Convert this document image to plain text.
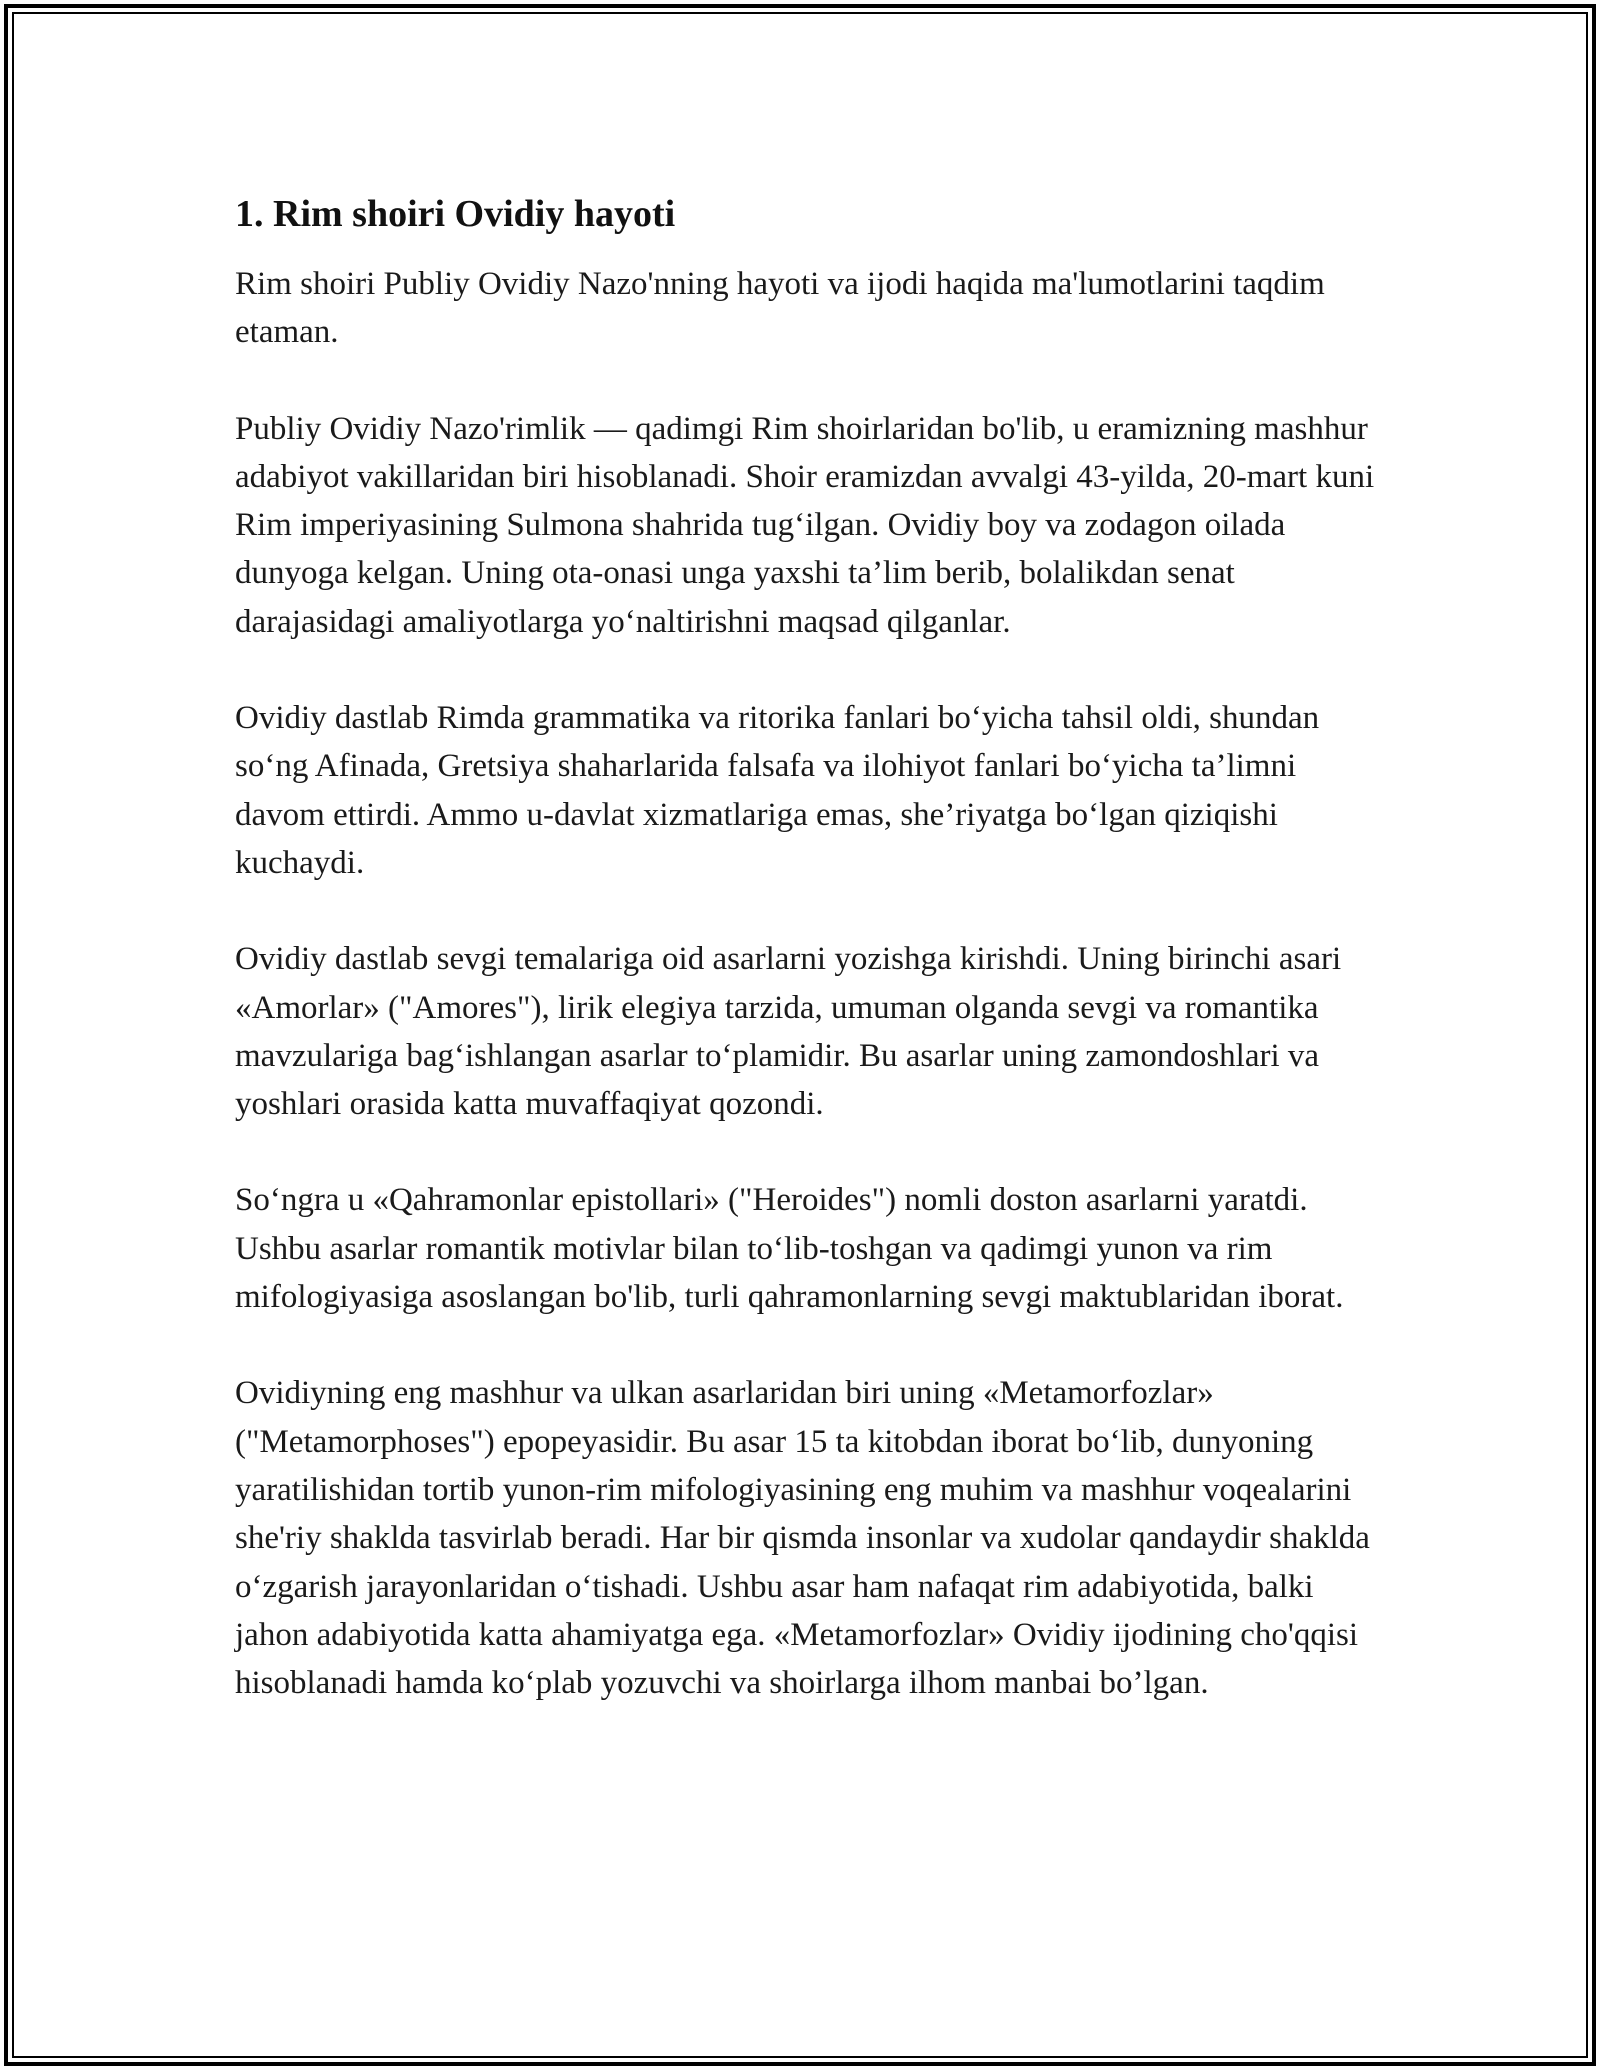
1. Rim shoiri Ovidiy hayoti

Rim shoiri Publiy Ovidiy Nazo'nning hayoti va ijodi haqida ma'lumotlarini taqdim etaman.

Publiy Ovidiy Nazo'rimlik — qadimgi Rim shoirlaridan bo'lib, u eramizning mashhur adabiyot vakillaridan biri hisoblanadi. Shoir eramizdan avvalgi 43-yilda, 20-mart kuni Rim imperiyasining Sulmona shahrida tug‘ilgan. Ovidiy boy va zodagon oilada dunyoga kelgan. Uning ota-onasi unga yaxshi ta’lim berib, bolalikdan senat darajasidagi amaliyotlarga yo‘naltirishni maqsad qilganlar.

Ovidiy dastlab Rimda grammatika va ritorika fanlari bo‘yicha tahsil oldi, shundan so‘ng Afinada, Gretsiya shaharlarida falsafa va ilohiyot fanlari bo‘yicha ta’limni davom ettirdi. Ammo u-davlat xizmatlariga emas, she’riyatga bo‘lgan qiziqishi kuchaydi.

Ovidiy dastlab sevgi temalariga oid asarlarni yozishga kirishdi. Uning birinchi asari «Amorlar» ("Amores"), lirik elegiya tarzida, umuman olganda sevgi va romantika mavzulariga bag‘ishlangan asarlar to‘plamidir. Bu asarlar uning zamondoshlari va yoshlari orasida katta muvaffaqiyat qozondi.

So‘ngra u «Qahramonlar epistollari» ("Heroides") nomli doston asarlarni yaratdi. Ushbu asarlar romantik motivlar bilan to‘lib-toshgan va qadimgi yunon va rim mifologiyasiga asoslangan bo'lib, turli qahramonlarning sevgi maktublaridan iborat.

Ovidiyning eng mashhur va ulkan asarlaridan biri uning «Metamorfozlar» ("Metamorphoses") epopeyasidir. Bu asar 15 ta kitobdan iborat bo‘lib, dunyoning yaratilishidan tortib yunon-rim mifologiyasining eng muhim va mashhur voqealarini she'riy shaklda tasvirlab beradi. Har bir qismda insonlar va xudolar qandaydir shaklda o‘zgarish jarayonlaridan o‘tishadi. Ushbu asar ham nafaqat rim adabiyotida, balki jahon adabiyotida katta ahamiyatga ega. «Metamorfozlar» Ovidiy ijodining cho'qqisi hisoblanadi hamda ko‘plab yozuvchi va shoirlarga ilhom manbai bo’lgan.
